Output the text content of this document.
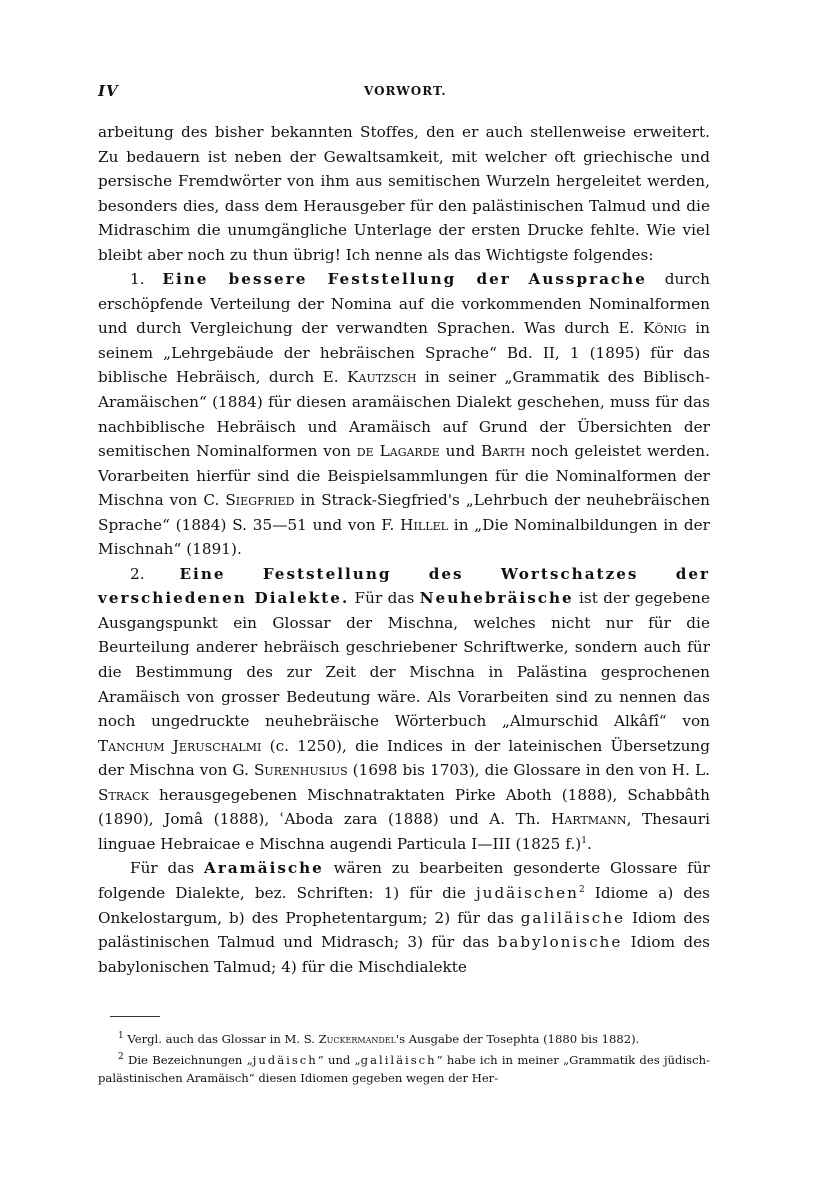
IV	VORWORT.

arbeitung des bisher bekannten Stoffes, den er auch stellenweise erweitert. Zu bedauern ist neben der Gewaltsamkeit, mit welcher oft griechische und persische Fremdwörter von ihm aus semitischen Wurzeln hergeleitet werden, besonders dies, dass dem Herausgeber für den palästinischen Talmud und die Midraschim die unumgängliche Unterlage der ersten Drucke fehlte. Wie viel bleibt aber noch zu thun übrig! Ich nenne als das Wichtigste folgendes:

1. Eine bessere Feststellung der Aussprache durch erschöpfende Verteilung der Nomina auf die vorkommenden Nominalformen und durch Vergleichung der verwandten Sprachen. Was durch E. König in seinem „Lehrgebäude der hebräischen Sprache“ Bd. II, 1 (1895) für das biblische Hebräisch, durch E. Kautzsch in seiner „Grammatik des Biblisch-Aramäischen“ (1884) für diesen aramäischen Dialekt geschehen, muss für das nachbiblische Hebräisch und Aramäisch auf Grund der Übersichten der semitischen Nominalformen von de Lagarde und Barth noch geleistet werden. Vorarbeiten hierfür sind die Beispielsammlungen für die Nominalformen der Mischna von C. Siegfried in Strack-Siegfried's „Lehrbuch der neuhebräischen Sprache“ (1884) S. 35—51 und von F. Hillel in „Die Nominalbildungen in der Mischnah“ (1891).

2. Eine Feststellung des Wortschatzes der verschiedenen Dialekte. Für das Neuhebräische ist der gegebene Ausgangspunkt ein Glossar der Mischna, welches nicht nur für die Beurteilung anderer hebräisch geschriebener Schriftwerke, sondern auch für die Bestimmung des zur Zeit der Mischna in Palästina gesprochenen Aramäisch von grosser Bedeutung wäre. Als Vorarbeiten sind zu nennen das noch ungedruckte neuhebräische Wörterbuch „Almurschid Alkâfî“ von Tanchum Jeruschalmi (c. 1250), die Indices in der lateinischen Übersetzung der Mischna von G. Surenhusius (1698 bis 1703), die Glossare in den von H. L. Strack herausgegebenen Mischnatraktaten Pirke Aboth (1888), Schabbâth (1890), Jomâ (1888), ʿAboda zara (1888) und A. Th. Hartmann, Thesauri linguae Hebraicae e Mischna augendi Particula I—III (1825 f.)$^1$.

Für das Aramäische wären zu bearbeiten gesonderte Glossare für folgende Dialekte, bez. Schriften: 1) für die judäischen$^2$ Idiome a) des Onkelostargum, b) des Prophetentargum; 2) für das galiläische Idiom des palästinischen Talmud und Midrasch; 3) für das babylonische Idiom des babylonischen Talmud; 4) für die Mischdialekte

$^1$ Vergl. auch das Glossar in M. S. Zuckermandel's Ausgabe der Tosephta (1880 bis 1882).

$^2$ Die Bezeichnungen „judäisch“ und „galiläisch“ habe ich in meiner „Grammatik des jüdisch-palästinischen Aramäisch“ diesen Idiomen gegeben wegen der Her-
